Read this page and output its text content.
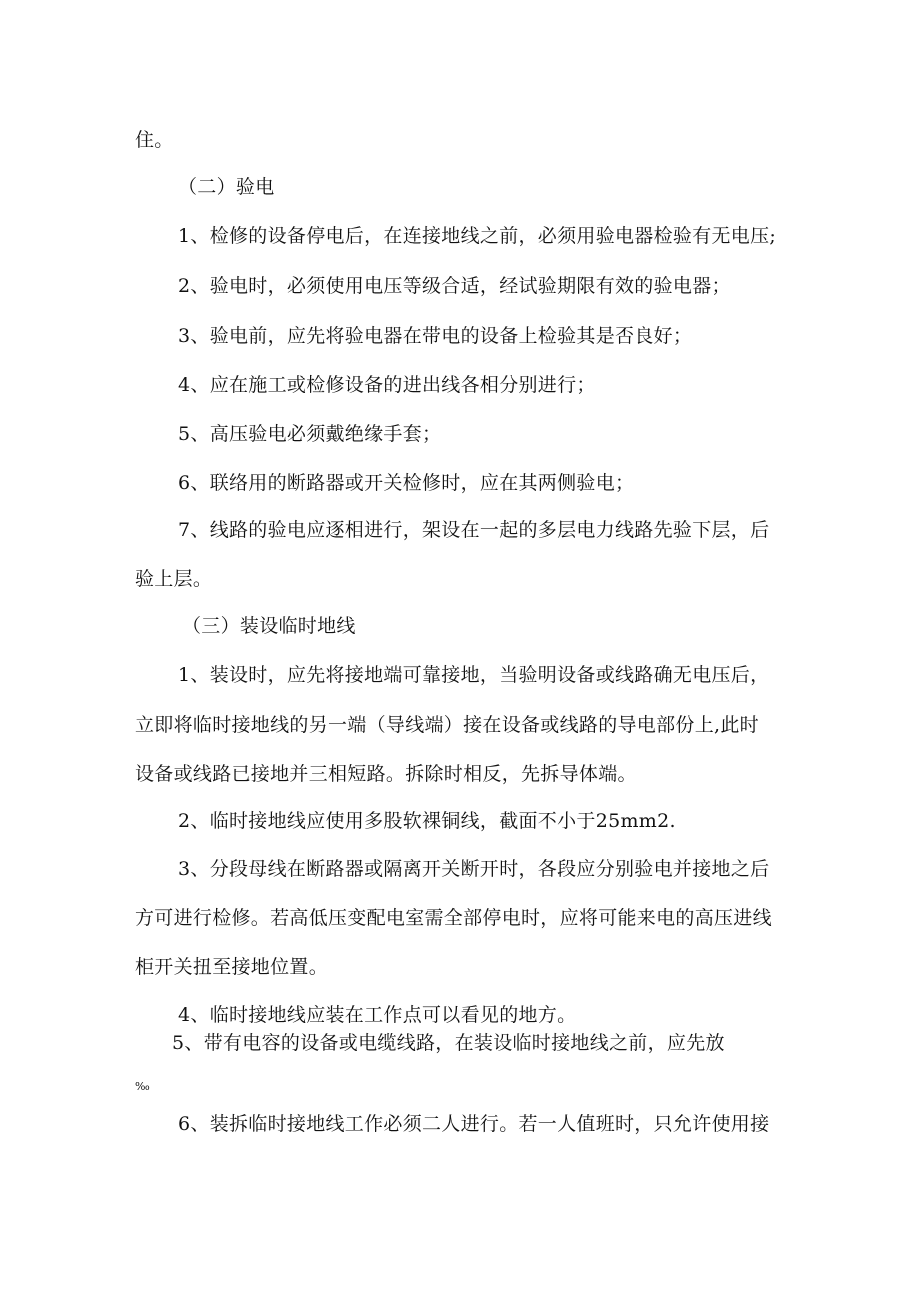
住。
（二）验电
1、检修的设备停电后，在连接地线之前，必须用验电器检验有无电压;
2、验电时，必须使用电压等级合适，经试验期限有效的验电器；
3、验电前，应先将验电器在带电的设备上检验其是否良好；
4、应在施工或检修设备的进出线各相分别进行；
5、高压验电必须戴绝缘手套；
6、联络用的断路器或开关检修时，应在其两侧验电；
7、线路的验电应逐相进行，架设在一起的多层电力线路先验下层，后
验上层。
（三）装设临时地线
1、装设时，应先将接地端可靠接地，当验明设备或线路确无电压后，
立即将临时接地线的另一端（导线端）接在设备或线路的导电部份上,此时
设备或线路已接地并三相短路。拆除时相反，先拆导体端。
2、临时接地线应使用多股软裸铜线，截面不小于25mm2.
3、分段母线在断路器或隔离开关断开时，各段应分别验电并接地之后
方可进行检修。若高低压变配电室需全部停电时，应将可能来电的高压进线
柜开关扭至接地位置。
4、临时接地线应装在工作点可以看见的地方。
5、带有电容的设备或电缆线路，在装设临时接地线之前，应先放
‰
6、装拆临时接地线工作必须二人进行。若一人值班时，只允许使用接
